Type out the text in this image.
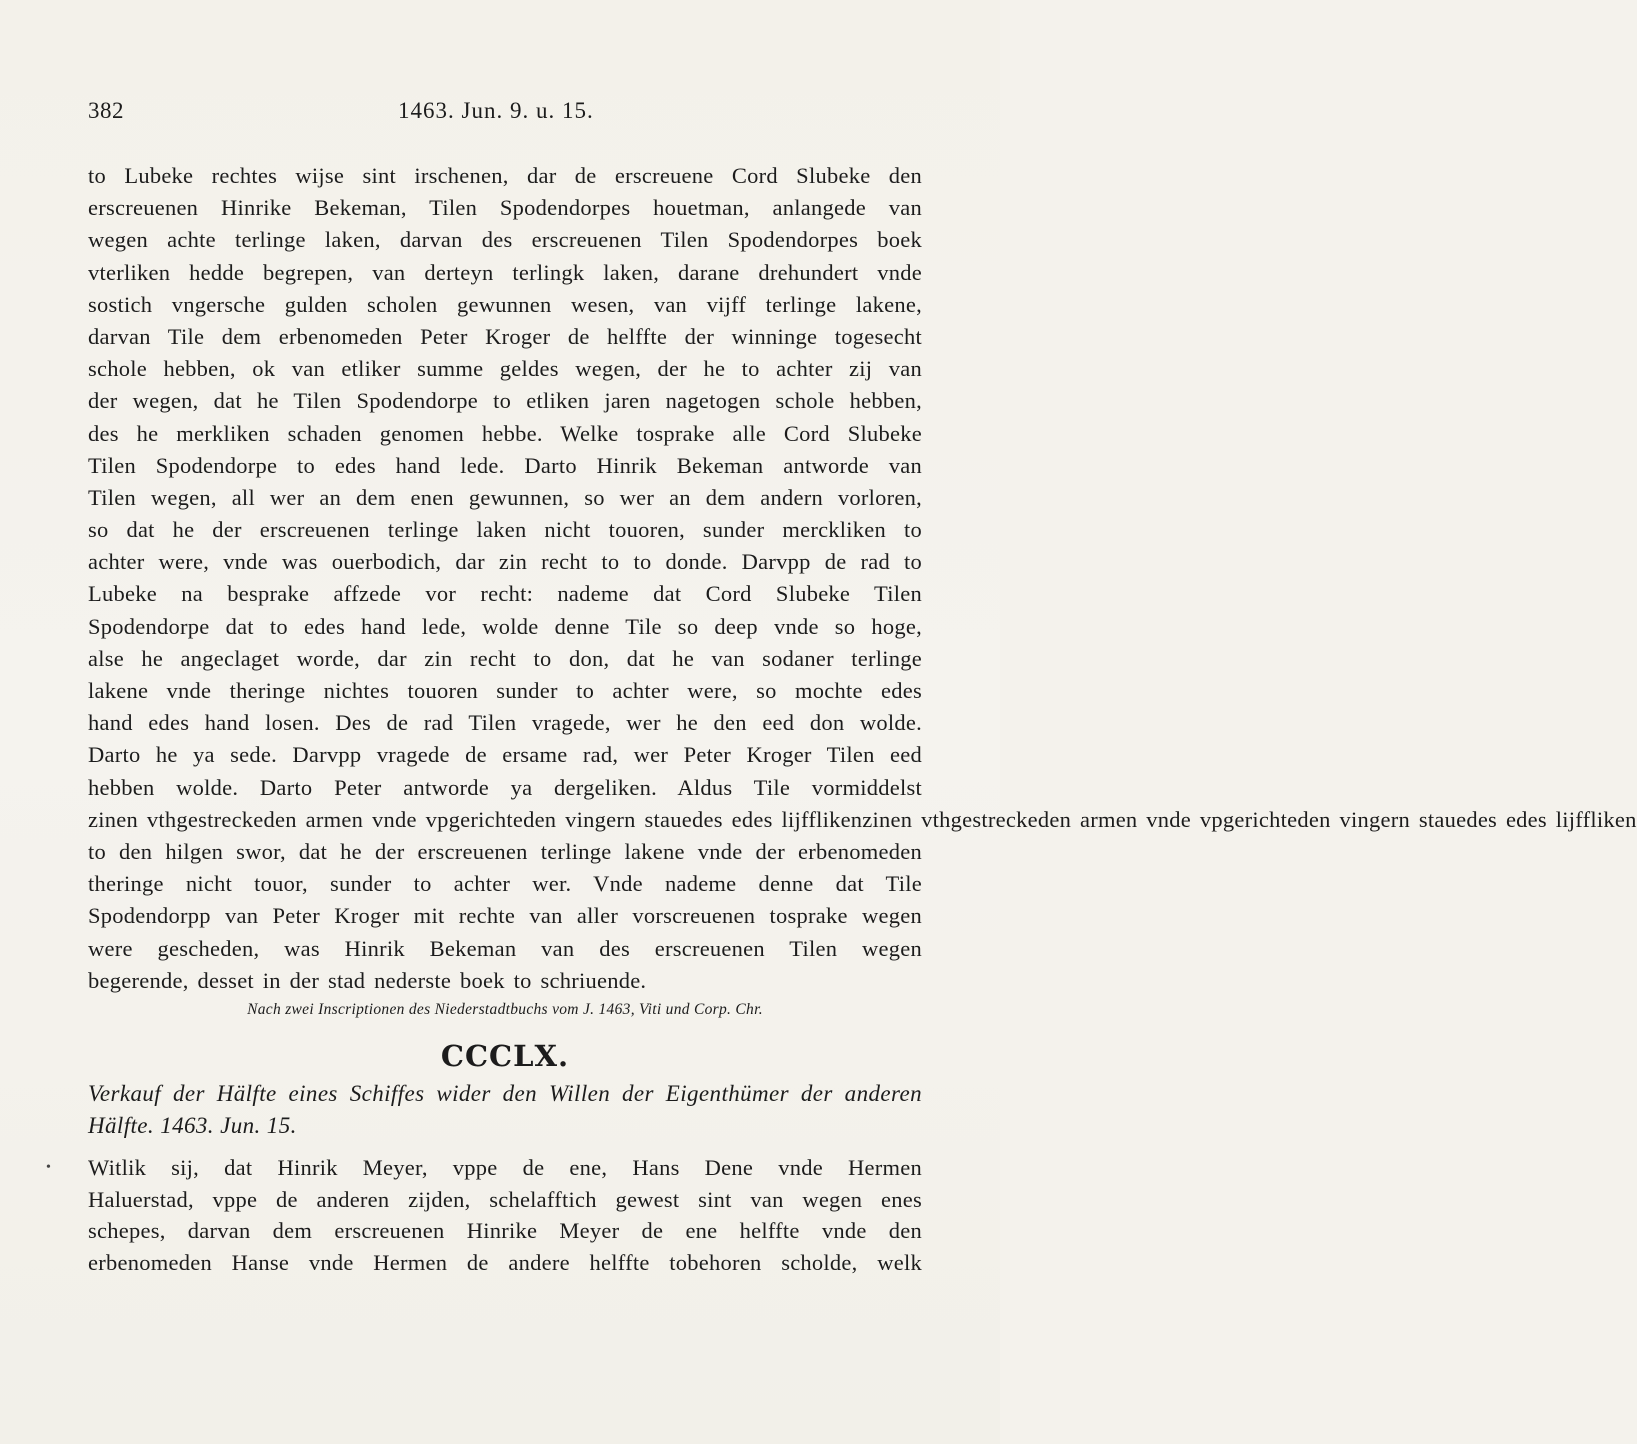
382	1463. Jun. 9. u. 15.
to Lubeke rechtes wijse sint irschenen, dar de erscreuene Cord Slubeke den
erscreuenen Hinrike Bekeman, Tilen Spodendorpes houetman, anlangede van
wegen achte terlinge laken, darvan des erscreuenen Tilen Spodendorpes boek
vterliken hedde begrepen, van derteyn terlingk laken, darane drehundert vnde
sostich vngersche gulden scholen gewunnen wesen, van vijff terlinge lakene,
darvan Tile dem erbenomeden Peter Kroger de helffte der winninge togesecht
schole hebben, ok van etliker summe geldes wegen, der he to achter zij van
der wegen, dat he Tilen Spodendorpe to etliken jaren nagetogen schole hebben,
des he merkliken schaden genomen hebbe. Welke tosprake alle Cord Slubeke
Tilen Spodendorpe to edes hand lede. Darto Hinrik Bekeman antworde van
Tilen wegen, all wer an dem enen gewunnen, so wer an dem andern vorloren,
so dat he der erscreuenen terlinge laken nicht touoren, sunder merckliken to
achter were, vnde was ouerbodich, dar zin recht to to donde. Darvpp de rad to
Lubeke na besprake affzede vor recht: nademe dat Cord Slubeke Tilen
Spodendorpe dat to edes hand lede, wolde denne Tile so deep vnde so hoge,
alse he angeclaget worde, dar zin recht to don, dat he van sodaner terlinge
lakene vnde theringe nichtes touoren sunder to achter were, so mochte edes
hand edes hand losen. Des de rad Tilen vragede, wer he den eed don wolde.
Darto he ya sede. Darvpp vragede de ersame rad, wer Peter Kroger Tilen eed
hebben wolde. Darto Peter antworde ya dergeliken. Aldus Tile vormiddelst
zinen vthgestreckeden armen vnde vpgerichteden vingern stauedes edes lijfflikenzinen vthgestreckeden armen vnde vpgerichteden vingern stauedes edes lijffliken
to den hilgen swor, dat he der erscreuenen terlinge lakene vnde der erbenomeden
theringe nicht touor, sunder to achter wer. Vnde nademe denne dat Tile
Spodendorpp van Peter Kroger mit rechte van aller vorscreuenen tosprake wegen
were gescheden, was Hinrik Bekeman van des erscreuenen Tilen wegen
begerende, desset in der stad nederste boek to schriuende.
Nach zwei Inscriptionen des Niederstadtbuchs vom J. 1463, Viti und Corp. Chr.
CCCLX.
Verkauf der Hälfte eines Schiffes wider den Willen der Eigenthümer der anderen
Hälfte. 1463. Jun. 15.
• Witlik sij, dat Hinrik Meyer, vppe de ene, Hans Dene vnde Hermen
Haluerstad, vppe de anderen zijden, schelafftich gewest sint van wegen enes
schepes, darvan dem erscreuenen Hinrike Meyer de ene helffte vnde den
erbenomeden Hanse vnde Hermen de andere helffte tobehoren scholde, welk
